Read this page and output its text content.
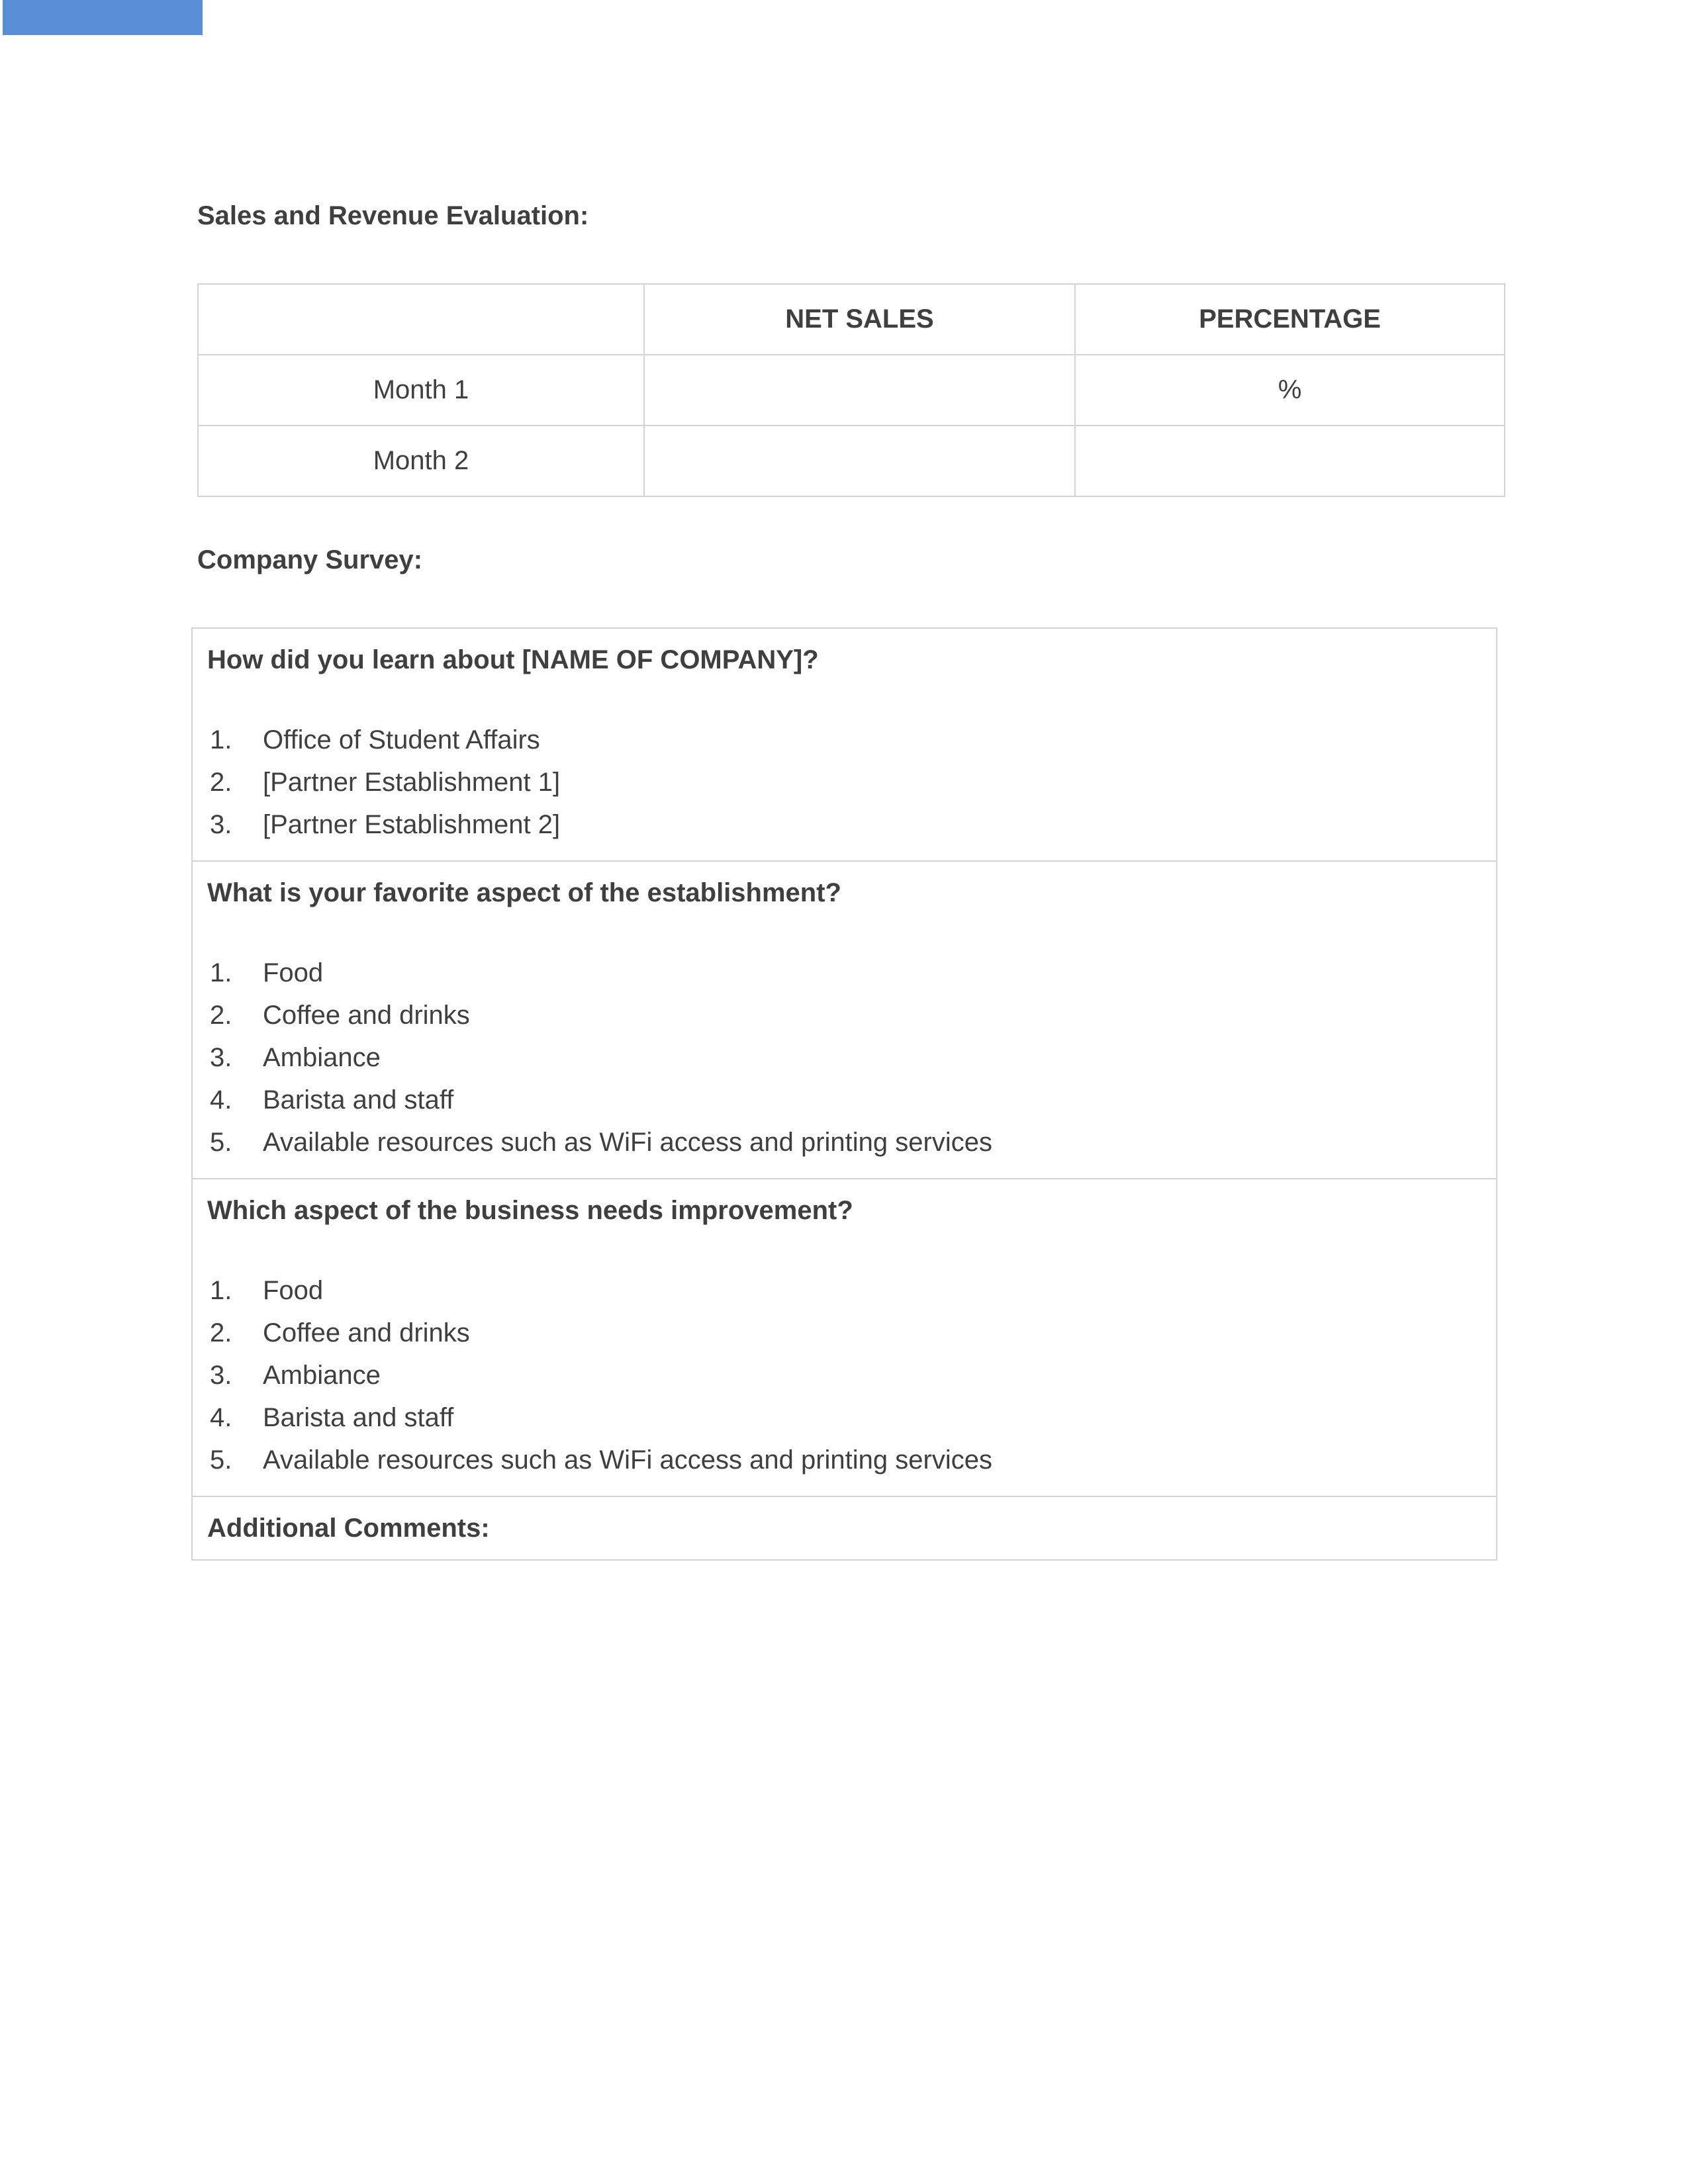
Sales and Revenue Evaluation:
	NET SALES	PERCENTAGE
Month 1		%
Month 2		
Company Survey:

How did you learn about [NAME OF COMPANY]?

1.	Office of Student Affairs
2.	[Partner Establishment 1]
3.	[Partner Establishment 2]

What is your favorite aspect of the establishment?

1.	Food
2.	Coffee and drinks
3.	Ambiance
4.	Barista and staff
5.	Available resources such as WiFi access and printing services

Which aspect of the business needs improvement?

1.	Food
2.	Coffee and drinks
3.	Ambiance
4.	Barista and staff
5.	Available resources such as WiFi access and printing services

Additional Comments:
